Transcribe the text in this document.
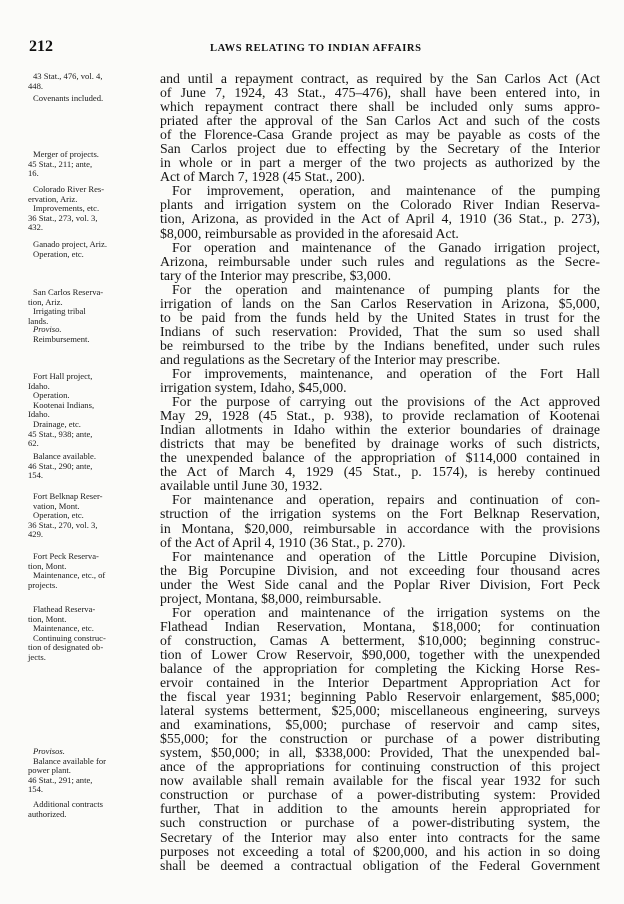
212	LAWS RELATING TO INDIAN AFFAIRS
43 Stat., 476, vol. 4,
448.
Covenants included.
Merger of projects.
45 Stat., 211; ante,
16.
Colorado River Res-
ervation, Ariz.
Improvements, etc.
36 Stat., 273, vol. 3,
432.
Ganado project, Ariz.
Operation, etc.
San Carlos Reserva-
tion, Ariz.
Irrigating tribal
lands.
Proviso.
Reimbursement.
Fort Hall project,
Idaho.
Operation.
Kootenai Indians,
Idaho.
Drainage, etc.
45 Stat., 938; ante,
62.
Balance available.
46 Stat., 290; ante,
154.
Fort Belknap Reser-
vation, Mont.
Operation, etc.
36 Stat., 270, vol. 3,
429.
Fort Peck Reserva-
tion, Mont.
Maintenance, etc., of
projects.
Flathead Reserva-
tion, Mont.
Maintenance, etc.
Continuing construc-
tion of designated ob-
jects.
Provisos.
Balance available for
power plant.
46 Stat., 291; ante,
154.
Additional contracts
authorized.
and until a repayment contract, as required by the San Carlos Act (Act
of June 7, 1924, 43 Stat., 475–476), shall have been entered into, in
which repayment contract there shall be included only sums appro-
priated after the approval of the San Carlos Act and such of the costs
of the Florence-Casa Grande project as may be payable as costs of the
San Carlos project due to effecting by the Secretary of the Interior
in whole or in part a merger of the two projects as authorized by the
Act of March 7, 1928 (45 Stat., 200).
For improvement, operation, and maintenance of the pumping
plants and irrigation system on the Colorado River Indian Reserva-
tion, Arizona, as provided in the Act of April 4, 1910 (36 Stat., p. 273),
$8,000, reimbursable as provided in the aforesaid Act.
For operation and maintenance of the Ganado irrigation project,
Arizona, reimbursable under such rules and regulations as the Secre-
tary of the Interior may prescribe, $3,000.
For the operation and maintenance of pumping plants for the
irrigation of lands on the San Carlos Reservation in Arizona, $5,000,
to be paid from the funds held by the United States in trust for the
Indians of such reservation: Provided, That the sum so used shall
be reimbursed to the tribe by the Indians benefited, under such rules
and regulations as the Secretary of the Interior may prescribe.
For improvements, maintenance, and operation of the Fort Hall
irrigation system, Idaho, $45,000.
For the purpose of carrying out the provisions of the Act approved
May 29, 1928 (45 Stat., p. 938), to provide reclamation of Kootenai
Indian allotments in Idaho within the exterior boundaries of drainage
districts that may be benefited by drainage works of such districts,
the unexpended balance of the appropriation of $114,000 contained in
the Act of March 4, 1929 (45 Stat., p. 1574), is hereby continued
available until June 30, 1932.
For maintenance and operation, repairs and continuation of con-
struction of the irrigation systems on the Fort Belknap Reservation,
in Montana, $20,000, reimbursable in accordance with the provisions
of the Act of April 4, 1910 (36 Stat., p. 270).
For maintenance and operation of the Little Porcupine Division,
the Big Porcupine Division, and not exceeding four thousand acres
under the West Side canal and the Poplar River Division, Fort Peck
project, Montana, $8,000, reimbursable.
For operation and maintenance of the irrigation systems on the
Flathead Indian Reservation, Montana, $18,000; for continuation
of construction, Camas A betterment, $10,000; beginning construc-
tion of Lower Crow Reservoir, $90,000, together with the unexpended
balance of the appropriation for completing the Kicking Horse Res-
ervoir contained in the Interior Department Appropriation Act for
the fiscal year 1931; beginning Pablo Reservoir enlargement, $85,000;
lateral systems betterment, $25,000; miscellaneous engineering, surveys
and examinations, $5,000; purchase of reservoir and camp sites,
$55,000; for the construction or purchase of a power distributing
system, $50,000; in all, $338,000: Provided, That the unexpended bal-
ance of the appropriations for continuing construction of this project
now available shall remain available for the fiscal year 1932 for such
construction or purchase of a power-distributing system: Provided
further, That in addition to the amounts herein appropriated for
such construction or purchase of a power-distributing system, the
Secretary of the Interior may also enter into contracts for the same
purposes not exceeding a total of $200,000, and his action in so doing
shall be deemed a contractual obligation of the Federal Government
